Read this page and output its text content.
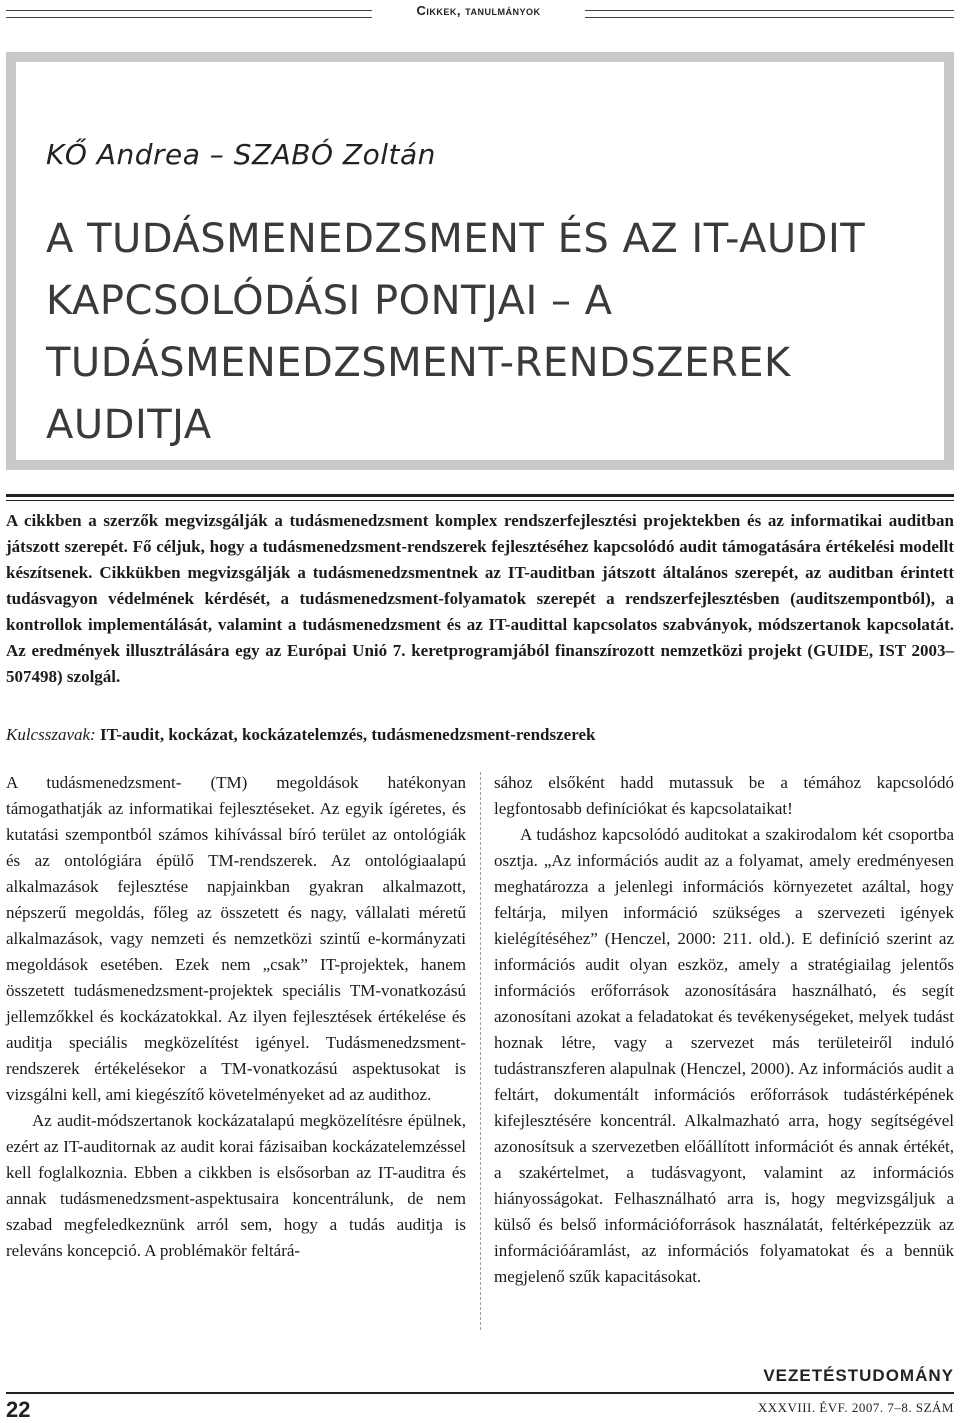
Cikkek, tanulmányok
KŐ Andrea – SZABÓ Zoltán
A TUDÁSMENEDZSMENT ÉS AZ IT-AUDIT KAPCSOLÓDÁSI PONTJAI – A TUDÁSMENEDZSMENT-RENDSZEREK AUDITJA

A cikkben a szerzők megvizsgálják a tudásmenedzsment komplex rendszerfejlesztési projektekben és az informatikai auditban játszott szerepét. Fő céljuk, hogy a tudásmenedzsment-rendszerek fejlesztéséhez kapcsolódó audit támogatására értékelési modellt készítsenek. Cikkükben megvizsgálják a tudásmenedzsmentnek az IT-auditban játszott általános szerepét, az auditban érintett tudásvagyon védelmének kérdését, a tudásmenedzsment-folyamatok szerepét a rendszerfejlesztésben (auditszempontból), a kontrollok implementálását, valamint a tudásmenedzsment és az IT-audittal kapcsolatos szabványok, módszertanok kapcsolatát. Az eredmények illusztrálására egy az Európai Unió 7. keretprogramjából finanszírozott nemzetközi projekt (GUIDE, IST 2003–507498) szolgál.

Kulcsszavak: IT-audit, kockázat, kockázatelemzés, tudásmenedzsment-rendszerek

A tudásmenedzsment- (TM) megoldások hatékonyan támogathatják az informatikai fejlesztéseket. Az egyik ígéretes, és kutatási szempontból számos kihívással bíró terület az ontológiák és az ontológiára épülő TM-rendszerek. Az ontológiaalapú alkalmazások fejlesztése napjainkban gyakran alkalmazott, népszerű megoldás, főleg az összetett és nagy, vállalati méretű alkalmazások, vagy nemzeti és nemzetközi szintű e-kormányzati megoldások esetében. Ezek nem „csak” IT-projektek, hanem összetett tudásmenedzsment-projektek speciális TM-vonatkozású jellemzőkkel és kockázatokkal. Az ilyen fejlesztések értékelése és auditja speciális megközelítést igényel. Tudásmenedzsment-rendszerek értékelésekor a TM-vonatkozású aspektusokat is vizsgálni kell, ami kiegészítő követelményeket ad az audithoz.

Az audit-módszertanok kockázatalapú megközelítésre épülnek, ezért az IT-auditornak az audit korai fázisaiban kockázatelemzéssel kell foglalkoznia. Ebben a cikkben is elsősorban az IT-auditra és annak tudásmenedzsment-aspektusaira koncentrálunk, de nem szabad megfeledkeznünk arról sem, hogy a tudás auditja is releváns koncepció. A problémakör feltárá-

sához elsőként hadd mutassuk be a témához kapcsolódó legfontosabb definíciókat és kapcsolataikat!

A tudáshoz kapcsolódó auditokat a szakirodalom két csoportba osztja. „Az információs audit az a folyamat, amely eredményesen meghatározza a jelenlegi információs környezetet azáltal, hogy feltárja, milyen információ szükséges a szervezeti igények kielégítéséhez” (Henczel, 2000: 211. old.). E definíció szerint az információs audit olyan eszköz, amely a stratégiailag jelentős információs erőforrások azonosítására használható, és segít azonosítani azokat a feladatokat és tevékenységeket, melyek tudást hoznak létre, vagy a szervezet más területeiről induló tudástranszferen alapulnak (Henczel, 2000). Az információs audit a feltárt, dokumentált információs erőforrások tudástérképének kifejlesztésére koncentrál. Alkalmazható arra, hogy segítségével azonosítsuk a szervezetben előállított információt és annak értékét, a szakértelmet, a tudásvagyont, valamint az információs hiányosságokat. Felhasználható arra is, hogy megvizsgáljuk a külső és belső információforrások használatát, feltérképezzük az információáramlást, az információs folyamatokat és a bennük megjelenő szűk kapacitásokat.

VEZETÉSTUDOMÁNY
22	XXXVIII. ÉVF. 2007. 7–8. SZÁM
